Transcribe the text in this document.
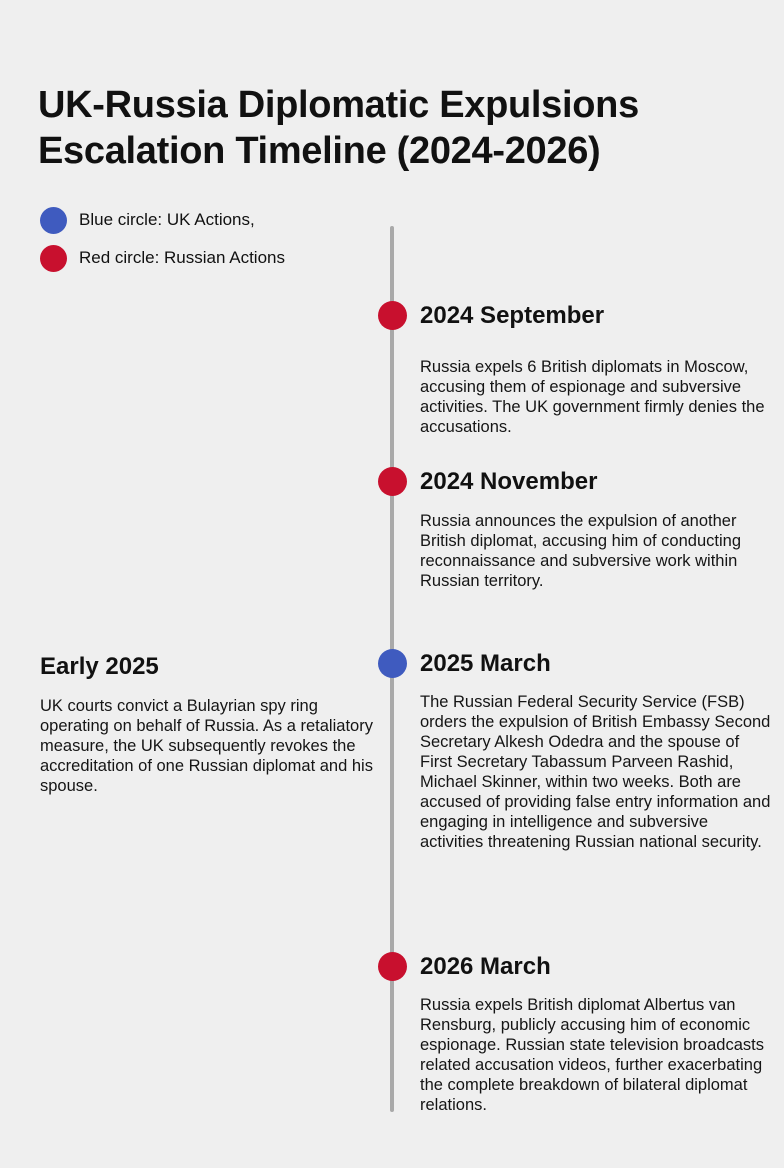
UK-Russia Diplomatic Expulsions
Escalation Timeline (2024-2026)
Blue circle: UK Actions,
Red circle: Russian Actions
2024 September

Russia expels 6 British diplomats in Moscow, accusing them of espionage and subversive activities. The UK government firmly denies the accusations.

2024 November

Russia announces the expulsion of another British diplomat, accusing him of conducting reconnaissance and subversive work within Russian territory.

Early 2025

UK courts convict a Bulayrian spy ring operating on behalf of Russia. As a retaliatory measure, the UK subsequently revokes the accreditation of one Russian diplomat and his spouse.

2025 March

The Russian Federal Security Service (FSB) orders the expulsion of British Embassy Second Secretary Alkesh Odedra and the spouse of First Secretary Tabassum Parveen Rashid, Michael Skinner, within two weeks. Both are accused of providing false entry information and engaging in intelligence and subversive activities threatening Russian national security.

2026 March

Russia expels British diplomat Albertus van Rensburg, publicly accusing him of economic espionage. Russian state television broadcasts related accusation videos, further exacerbating the complete breakdown of bilateral diplomat relations.
